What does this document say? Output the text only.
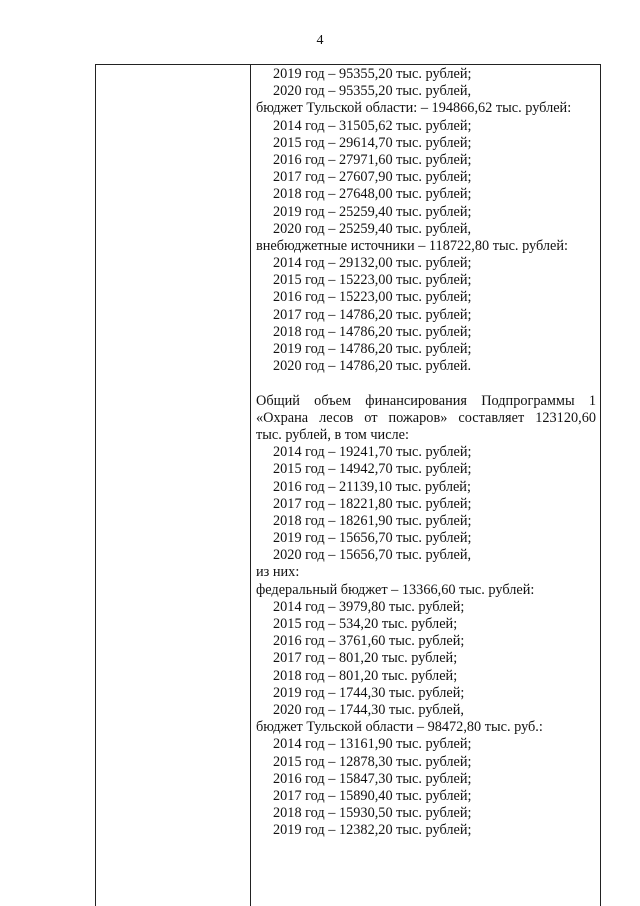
4
2019 год – 95355,20 тыс. рублей;
2020 год – 95355,20 тыс. рублей,
бюджет Тульской области: – 194866,62 тыс. рублей:
2014 год – 31505,62 тыс. рублей;
2015 год – 29614,70 тыс. рублей;
2016 год – 27971,60 тыс. рублей;
2017 год – 27607,90 тыс. рублей;
2018 год – 27648,00 тыс. рублей;
2019 год – 25259,40 тыс. рублей;
2020 год – 25259,40 тыс. рублей,
внебюджетные источники – 118722,80 тыс. рублей:
2014 год – 29132,00 тыс. рублей;
2015 год – 15223,00 тыс. рублей;
2016 год – 15223,00 тыс. рублей;
2017 год – 14786,20 тыс. рублей;
2018 год – 14786,20 тыс. рублей;
2019 год – 14786,20 тыс. рублей;
2020 год – 14786,20 тыс. рублей.
Общий объем финансирования Подпрограммы 1
«Охрана лесов от пожаров» составляет 123120,60
тыс. рублей, в том числе:
2014 год – 19241,70 тыс. рублей;
2015 год – 14942,70 тыс. рублей;
2016 год – 21139,10 тыс. рублей;
2017 год – 18221,80 тыс. рублей;
2018 год – 18261,90 тыс. рублей;
2019 год – 15656,70 тыс. рублей;
2020 год – 15656,70 тыс. рублей,
из них:
федеральный бюджет – 13366,60 тыс. рублей:
2014 год – 3979,80 тыс. рублей;
2015 год – 534,20 тыс. рублей;
2016 год – 3761,60 тыс. рублей;
2017 год – 801,20 тыс. рублей;
2018 год – 801,20 тыс. рублей;
2019 год – 1744,30 тыс. рублей;
2020 год – 1744,30 тыс. рублей,
бюджет Тульской области – 98472,80 тыс. руб.:
2014 год – 13161,90 тыс. рублей;
2015 год – 12878,30 тыс. рублей;
2016 год – 15847,30 тыс. рублей;
2017 год – 15890,40 тыс. рублей;
2018 год – 15930,50 тыс. рублей;
2019 год – 12382,20 тыс. рублей;
